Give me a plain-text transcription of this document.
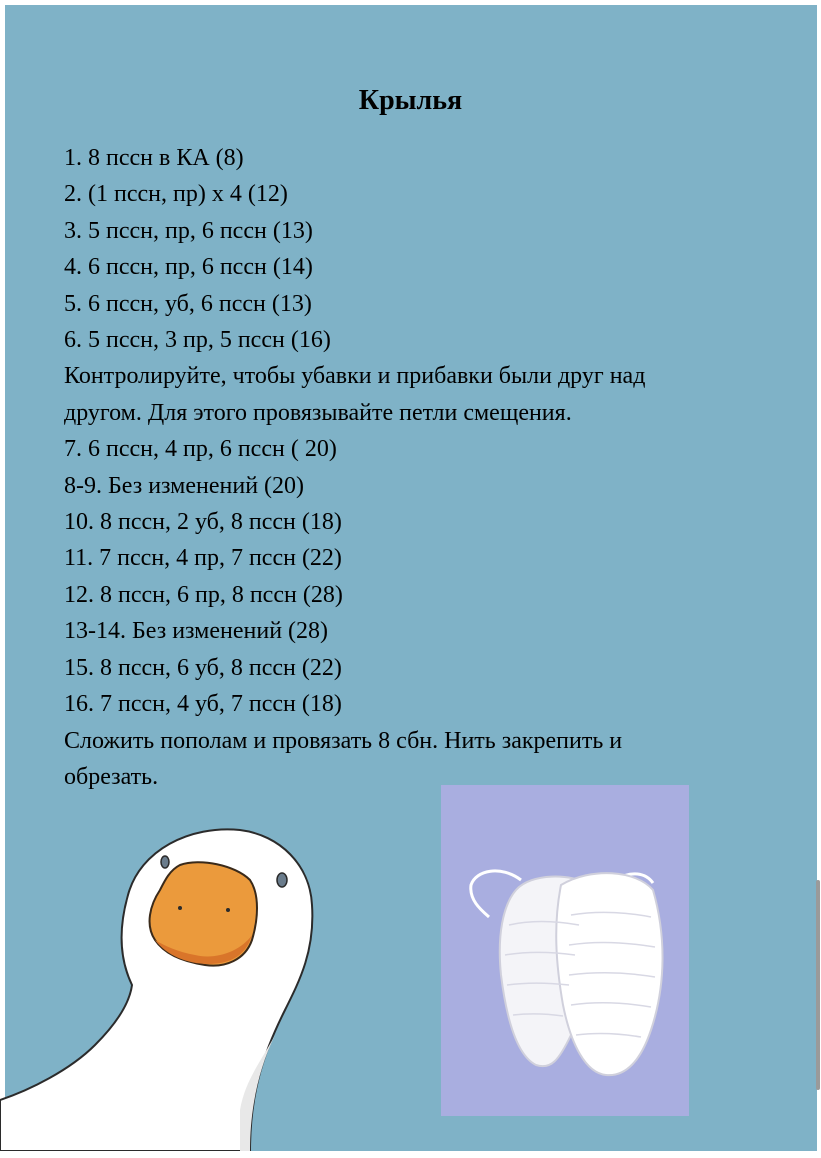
Крылья
1. 8 пссн в КА (8)
2. (1 пссн, пр) х 4 (12)
3. 5 пссн, пр, 6 пссн (13)
4. 6 пссн, пр, 6 пссн (14)
5. 6 пссн, уб, 6 пссн (13)
6. 5 пссн, 3 пр, 5 пссн (16)
Контролируйте, чтобы убавки и прибавки были друг над
другом. Для этого провязывайте петли смещения.
7. 6 пссн, 4 пр, 6 пссн ( 20)
8-9. Без изменений (20)
10. 8 пссн, 2 уб, 8 пссн (18)
11. 7 пссн, 4 пр, 7 пссн (22)
12. 8 пссн, 6 пр, 8 пссн (28)
13-14. Без изменений (28)
15. 8 пссн, 6 уб, 8 пссн (22)
16. 7 пссн, 4 уб, 7 пссн (18)
Сложить пополам и провязать 8 сбн. Нить закрепить и
обрезать.
